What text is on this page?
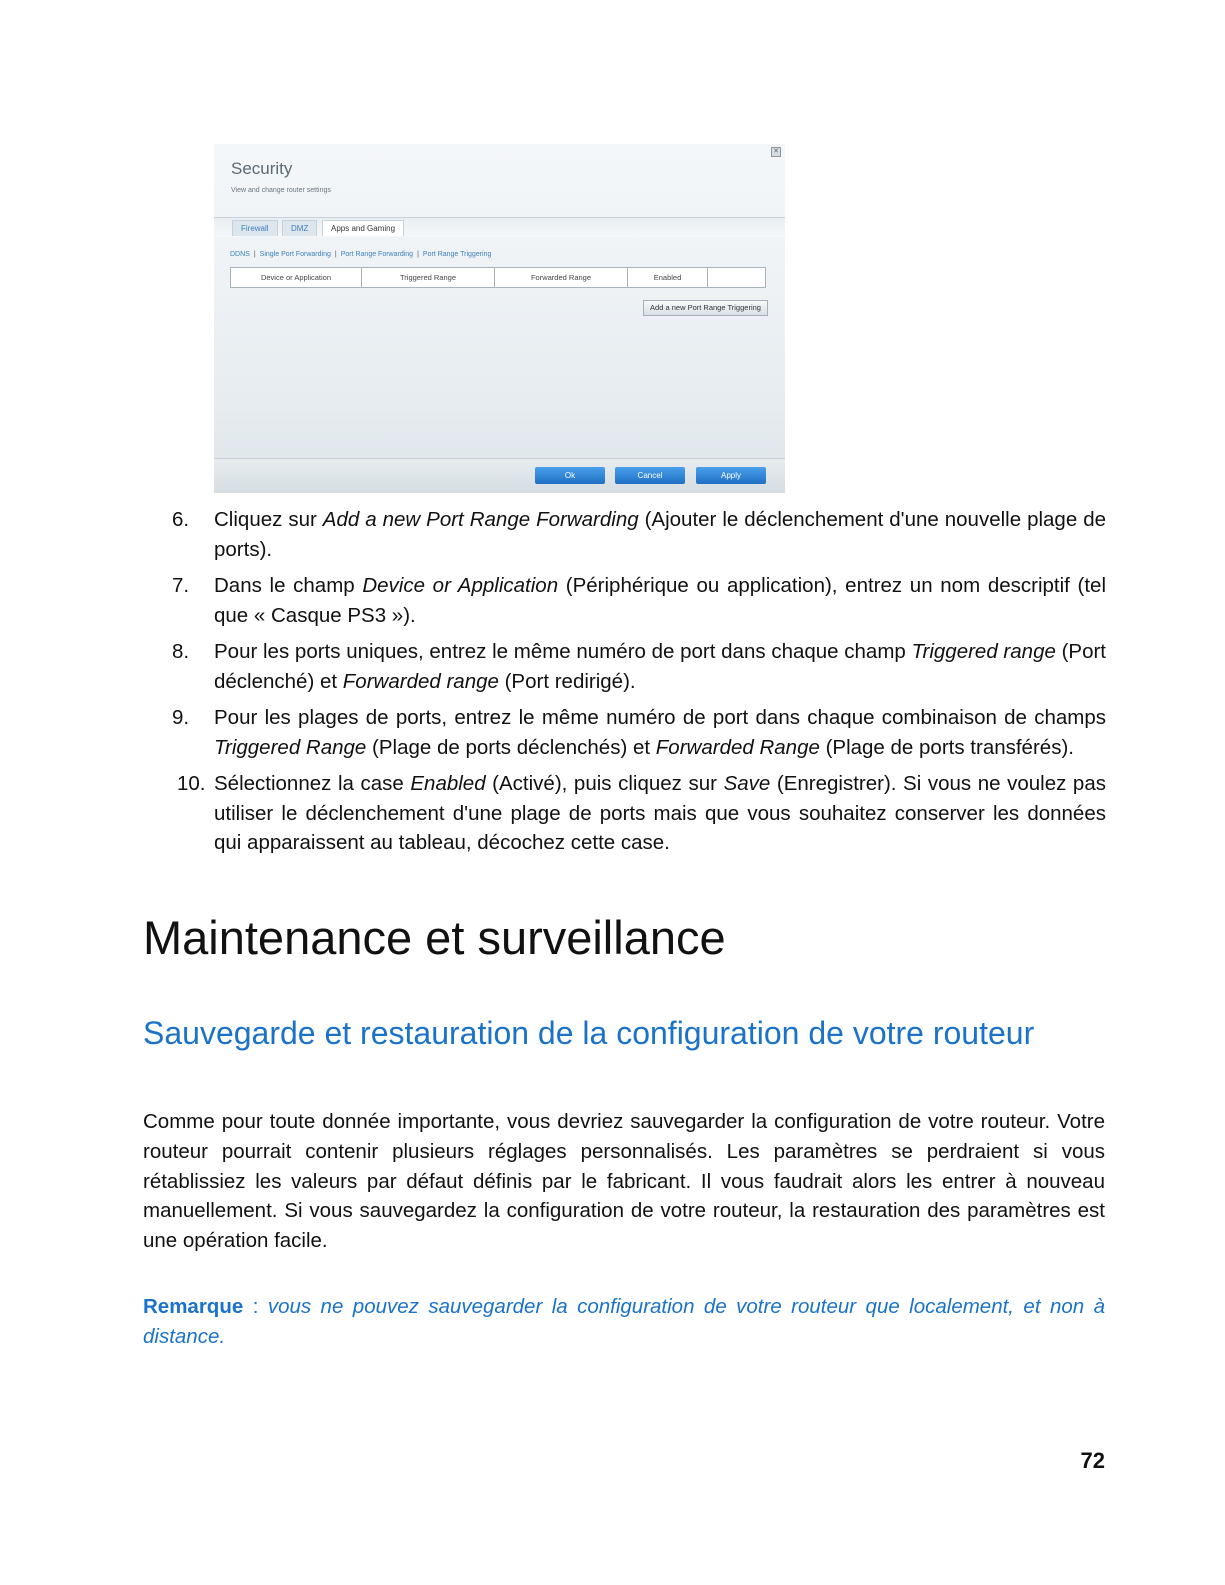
✕
Security
View and change router settings
Firewall	DMZ	Apps and Gaming
DDNS | Single Port Forwarding | Port Range Forwarding | Port Range Triggering
Device or Application	Triggered Range	Forwarded Range	Enabled	
Add a new Port Range Triggering
Ok	Cancel	Apply
6. Cliquez sur Add a new Port Range Forwarding (Ajouter le déclenchement d'une nouvelle plage de ports).
7. Dans le champ Device or Application (Périphérique ou application), entrez un nom descriptif (tel que « Casque PS3 »).
8. Pour les ports uniques, entrez le même numéro de port dans chaque champ Triggered range (Port déclenché) et Forwarded range (Port redirigé).
9. Pour les plages de ports, entrez le même numéro de port dans chaque combinaison de champs Triggered Range (Plage de ports déclenchés) et Forwarded Range (Plage de ports transférés).
10. Sélectionnez la case Enabled (Activé), puis cliquez sur Save (Enregistrer). Si vous ne voulez pas utiliser le déclenchement d'une plage de ports mais que vous souhaitez conserver les données qui apparaissent au tableau, décochez cette case.
Maintenance et surveillance
Sauvegarde et restauration de la configuration de votre routeur

Comme pour toute donnée importante, vous devriez sauvegarder la configuration de votre routeur. Votre routeur pourrait contenir plusieurs réglages personnalisés. Les paramètres se perdraient si vous rétablissiez les valeurs par défaut définis par le fabricant. Il vous faudrait alors les entrer à nouveau manuellement. Si vous sauvegardez la configuration de votre routeur, la restauration des paramètres est une opération facile.

Remarque : vous ne pouvez sauvegarder la configuration de votre routeur que localement, et non à distance.

72
